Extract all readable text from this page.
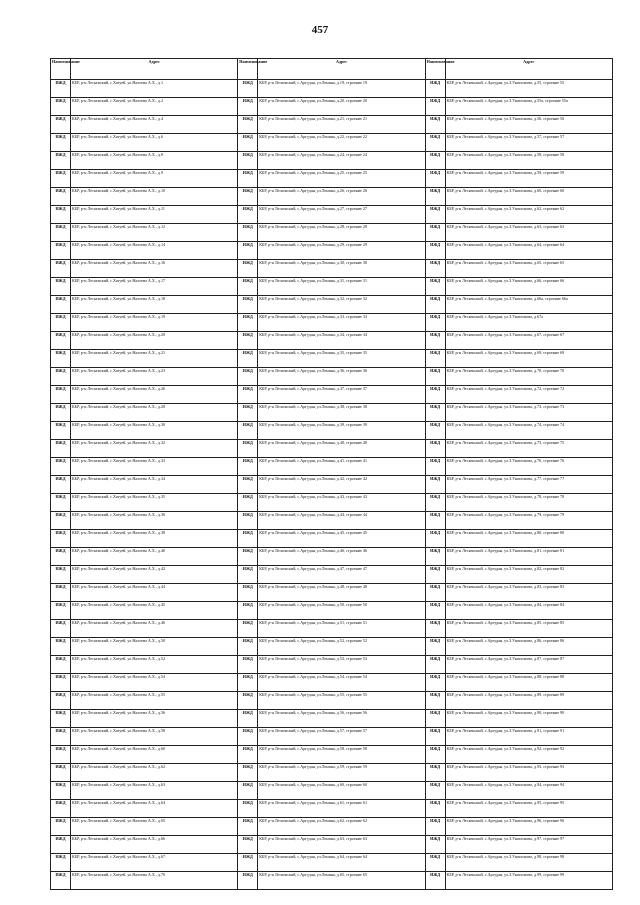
457
Наименование	Адрес	Наименование	Адрес	Наименование	Адрес
ИЖД	КБР, р-н Лескенский, с.Хатуей, ул.Налоева А.Х., д.1	ИЖД	КБР, р-н Лескенский, с.Аргудан, ул.Ленина, д.19, строение 19	ИЖД	КБР, р-н Лескенский, с.Аргудан, ул.З.Унатлокова, д.55, строение 55
ИЖД	КБР, р-н Лескенский, с.Хатуей, ул.Налоева А.Х., д.2	ИЖД	КБР, р-н Лескенский, с.Аргудан, ул.Ленина, д.20, строение 20	ИЖД	КБР, р-н Лескенский, с.Аргудан, ул.З.Унатлокова, д.55а, строение 55а
ИЖД	КБР, р-н Лескенский, с.Хатуей, ул.Налоева А.Х., д.4	ИЖД	КБР, р-н Лескенский, с.Аргудан, ул.Ленина, д.21, строение 21	ИЖД	КБР, р-н Лескенский, с.Аргудан, ул.З.Унатлокова, д.56, строение 56
ИЖД	КБР, р-н Лескенский, с.Хатуей, ул.Налоева А.Х., д.6	ИЖД	КБР, р-н Лескенский, с.Аргудан, ул.Ленина, д.22, строение 22	ИЖД	КБР, р-н Лескенский, с.Аргудан, ул.З.Унатлокова, д.57, строение 57
ИЖД	КБР, р-н Лескенский, с.Хатуей, ул.Налоева А.Х., д.8	ИЖД	КБР, р-н Лескенский, с.Аргудан, ул.Ленина, д.24, строение 24	ИЖД	КБР, р-н Лескенский, с.Аргудан, ул.З.Унатлокова, д.58, строение 58
ИЖД	КБР, р-н Лескенский, с.Хатуей, ул.Налоева А.Х., д.9	ИЖД	КБР, р-н Лескенский, с.Аргудан, ул.Ленина, д.25, строение 25	ИЖД	КБР, р-н Лескенский, с.Аргудан, ул.З.Унатлокова, д.59, строение 59
ИЖД	КБР, р-н Лескенский, с.Хатуей, ул.Налоева А.Х., д.10	ИЖД	КБР, р-н Лескенский, с.Аргудан, ул.Ленина, д.26, строение 26	ИЖД	КБР, р-н Лескенский, с.Аргудан, ул.З.Унатлокова, д.60, строение 60
ИЖД	КБР, р-н Лескенский, с.Хатуей, ул.Налоева А.Х., д.11	ИЖД	КБР, р-н Лескенский, с.Аргудан, ул.Ленина, д.27, строение 27	ИЖД	КБР, р-н Лескенский, с.Аргудан, ул.З.Унатлокова, д.62, строение 62
ИЖД	КБР, р-н Лескенский, с.Хатуей, ул.Налоева А.Х., д.12	ИЖД	КБР, р-н Лескенский, с.Аргудан, ул.Ленина, д.28, строение 28	ИЖД	КБР, р-н Лескенский, с.Аргудан, ул.З.Унатлокова, д.63, строение 63
ИЖД	КБР, р-н Лескенский, с.Хатуей, ул.Налоева А.Х., д.14	ИЖД	КБР, р-н Лескенский, с.Аргудан, ул.Ленина, д.29, строение 29	ИЖД	КБР, р-н Лескенский, с.Аргудан, ул.З.Унатлокова, д.64, строение 64
ИЖД	КБР, р-н Лескенский, с.Хатуей, ул.Налоева А.Х., д.16	ИЖД	КБР, р-н Лескенский, с.Аргудан, ул.Ленина, д.30, строение 30	ИЖД	КБР, р-н Лескенский, с.Аргудан, ул.З.Унатлокова, д.65, строение 65
ИЖД	КБР, р-н Лескенский, с.Хатуей, ул.Налоева А.Х., д.17	ИЖД	КБР, р-н Лескенский, с.Аргудан, ул.Ленина, д.31, строение 31	ИЖД	КБР, р-н Лескенский, с.Аргудан, ул.З.Унатлокова, д.66, строение 66
ИЖД	КБР, р-н Лескенский, с.Хатуей, ул.Налоева А.Х., д.18	ИЖД	КБР, р-н Лескенский, с.Аргудан, ул.Ленина, д.32, строение 32	ИЖД	КБР, р-н Лескенский, с.Аргудан, ул.З.Унатлокова, д.66а, строение 66а
ИЖД	КБР, р-н Лескенский, с.Хатуей, ул.Налоева А.Х., д.19	ИЖД	КБР, р-н Лескенский, с.Аргудан, ул.Ленина, д.33, строение 33	ИЖД	КБР, р-н Лескенский, с.Аргудан, ул.З.Унатлокова, д.67а
ИЖД	КБР, р-н Лескенский, с.Хатуей, ул.Налоева А.Х., д.20	ИЖД	КБР, р-н Лескенский, с.Аргудан, ул.Ленина, д.34, строение 34	ИЖД	КБР, р-н Лескенский, с.Аргудан, ул.З.Унатлокова, д.67, строение 67
ИЖД	КБР, р-н Лескенский, с.Хатуей, ул.Налоева А.Х., д.21	ИЖД	КБР, р-н Лескенский, с.Аргудан, ул.Ленина, д.35, строение 35	ИЖД	КБР, р-н Лескенский, с.Аргудан, ул.З.Унатлокова, д.69, строение 69
ИЖД	КБР, р-н Лескенский, с.Хатуей, ул.Налоева А.Х., д.23	ИЖД	КБР, р-н Лескенский, с.Аргудан, ул.Ленина, д.36, строение 36	ИЖД	КБР, р-н Лескенский, с.Аргудан, ул.З.Унатлокова, д.70, строение 70
ИЖД	КБР, р-н Лескенский, с.Хатуей, ул.Налоева А.Х., д.26	ИЖД	КБР, р-н Лескенский, с.Аргудан, ул.Ленина, д.37, строение 37	ИЖД	КБР, р-н Лескенский, с.Аргудан, ул.З.Унатлокова, д.72, строение 72
ИЖД	КБР, р-н Лескенский, с.Хатуей, ул.Налоева А.Х., д.28	ИЖД	КБР, р-н Лескенский, с.Аргудан, ул.Ленина, д.38, строение 38	ИЖД	КБР, р-н Лескенский, с.Аргудан, ул.З.Унатлокова, д.73, строение 73
ИЖД	КБР, р-н Лескенский, с.Хатуей, ул.Налоева А.Х., д.30	ИЖД	КБР, р-н Лескенский, с.Аргудан, ул.Ленина, д.39, строение 39	ИЖД	КБР, р-н Лескенский, с.Аргудан, ул.З.Унатлокова, д.74, строение 74
ИЖД	КБР, р-н Лескенский, с.Хатуей, ул.Налоева А.Х., д.32	ИЖД	КБР, р-н Лескенский, с.Аргудан, ул.Ленина, д.40, строение 40	ИЖД	КБР, р-н Лескенский, с.Аргудан, ул.З.Унатлокова, д.75, строение 75
ИЖД	КБР, р-н Лескенский, с.Хатуей, ул.Налоева А.Х., д.33	ИЖД	КБР, р-н Лескенский, с.Аргудан, ул.Ленина, д.41, строение 41	ИЖД	КБР, р-н Лескенский, с.Аргудан, ул.З.Унатлокова, д.76, строение 76
ИЖД	КБР, р-н Лескенский, с.Хатуей, ул.Налоева А.Х., д.34	ИЖД	КБР, р-н Лескенский, с.Аргудан, ул.Ленина, д.42, строение 42	ИЖД	КБР, р-н Лескенский, с.Аргудан, ул.З.Унатлокова, д.77, строение 77
ИЖД	КБР, р-н Лескенский, с.Хатуей, ул.Налоева А.Х., д.35	ИЖД	КБР, р-н Лескенский, с.Аргудан, ул.Ленина, д.43, строение 43	ИЖД	КБР, р-н Лескенский, с.Аргудан, ул.З.Унатлокова, д.78, строение 78
ИЖД	КБР, р-н Лескенский, с.Хатуей, ул.Налоева А.Х., д.36	ИЖД	КБР, р-н Лескенский, с.Аргудан, ул.Ленина, д.44, строение 44	ИЖД	КБР, р-н Лескенский, с.Аргудан, ул.З.Унатлокова, д.79, строение 79
ИЖД	КБР, р-н Лескенский, с.Хатуей, ул.Налоева А.Х., д.38	ИЖД	КБР, р-н Лескенский, с.Аргудан, ул.Ленина, д.45, строение 45	ИЖД	КБР, р-н Лескенский, с.Аргудан, ул.З.Унатлокова, д.80, строение 80
ИЖД	КБР, р-н Лескенский, с.Хатуей, ул.Налоева А.Х., д.40	ИЖД	КБР, р-н Лескенский, с.Аргудан, ул.Ленина, д.46, строение 46	ИЖД	КБР, р-н Лескенский, с.Аргудан, ул.З.Унатлокова, д.81, строение 81
ИЖД	КБР, р-н Лескенский, с.Хатуей, ул.Налоева А.Х., д.42	ИЖД	КБР, р-н Лескенский, с.Аргудан, ул.Ленина, д.47, строение 47	ИЖД	КБР, р-н Лескенский, с.Аргудан, ул.З.Унатлокова, д.82, строение 82
ИЖД	КБР, р-н Лескенский, с.Хатуей, ул.Налоева А.Х., д.44	ИЖД	КБР, р-н Лескенский, с.Аргудан, ул.Ленина, д.48, строение 48	ИЖД	КБР, р-н Лескенский, с.Аргудан, ул.З.Унатлокова, д.83, строение 83
ИЖД	КБР, р-н Лескенский, с.Хатуей, ул.Налоева А.Х., д.45	ИЖД	КБР, р-н Лескенский, с.Аргудан, ул.Ленина, д.50, строение 50	ИЖД	КБР, р-н Лескенский, с.Аргудан, ул.З.Унатлокова, д.84, строение 84
ИЖД	КБР, р-н Лескенский, с.Хатуей, ул.Налоева А.Х., д.46	ИЖД	КБР, р-н Лескенский, с.Аргудан, ул.Ленина, д.51, строение 51	ИЖД	КБР, р-н Лескенский, с.Аргудан, ул.З.Унатлокова, д.85, строение 85
ИЖД	КБР, р-н Лескенский, с.Хатуей, ул.Налоева А.Х., д.50	ИЖД	КБР, р-н Лескенский, с.Аргудан, ул.Ленина, д.52, строение 52	ИЖД	КБР, р-н Лескенский, с.Аргудан, ул.З.Унатлокова, д.86, строение 86
ИЖД	КБР, р-н Лескенский, с.Хатуей, ул.Налоева А.Х., д.52	ИЖД	КБР, р-н Лескенский, с.Аргудан, ул.Ленина, д.53, строение 53	ИЖД	КБР, р-н Лескенский, с.Аргудан, ул.З.Унатлокова, д.87, строение 87
ИЖД	КБР, р-н Лескенский, с.Хатуей, ул.Налоева А.Х., д.54	ИЖД	КБР, р-н Лескенский, с.Аргудан, ул.Ленина, д.54, строение 54	ИЖД	КБР, р-н Лескенский, с.Аргудан, ул.З.Унатлокова, д.88, строение 88
ИЖД	КБР, р-н Лескенский, с.Хатуей, ул.Налоева А.Х., д.55	ИЖД	КБР, р-н Лескенский, с.Аргудан, ул.Ленина, д.55, строение 55	ИЖД	КБР, р-н Лескенский, с.Аргудан, ул.З.Унатлокова, д.89, строение 89
ИЖД	КБР, р-н Лескенский, с.Хатуей, ул.Налоева А.Х., д.56	ИЖД	КБР, р-н Лескенский, с.Аргудан, ул.Ленина, д.56, строение 56	ИЖД	КБР, р-н Лескенский, с.Аргудан, ул.З.Унатлокова, д.90, строение 90
ИЖД	КБР, р-н Лескенский, с.Хатуей, ул.Налоева А.Х., д.58	ИЖД	КБР, р-н Лескенский, с.Аргудан, ул.Ленина, д.57, строение 57	ИЖД	КБР, р-н Лескенский, с.Аргудан, ул.З.Унатлокова, д.91, строение 91
ИЖД	КБР, р-н Лескенский, с.Хатуей, ул.Налоева А.Х., д.60	ИЖД	КБР, р-н Лескенский, с.Аргудан, ул.Ленина, д.58, строение 58	ИЖД	КБР, р-н Лескенский, с.Аргудан, ул.З.Унатлокова, д.92, строение 92
ИЖД	КБР, р-н Лескенский, с.Хатуей, ул.Налоева А.Х., д.62	ИЖД	КБР, р-н Лескенский, с.Аргудан, ул.Ленина, д.59, строение 59	ИЖД	КБР, р-н Лескенский, с.Аргудан, ул.З.Унатлокова, д.93, строение 93
ИЖД	КБР, р-н Лескенский, с.Хатуей, ул.Налоева А.Х., д.63	ИЖД	КБР, р-н Лескенский, с.Аргудан, ул.Ленина, д.60, строение 60	ИЖД	КБР, р-н Лескенский, с.Аргудан, ул.З.Унатлокова, д.94, строение 94
ИЖД	КБР, р-н Лескенский, с.Хатуей, ул.Налоева А.Х., д.64	ИЖД	КБР, р-н Лескенский, с.Аргудан, ул.Ленина, д.61, строение 61	ИЖД	КБР, р-н Лескенский, с.Аргудан, ул.З.Унатлокова, д.95, строение 95
ИЖД	КБР, р-н Лескенский, с.Хатуей, ул.Налоева А.Х., д.65	ИЖД	КБР, р-н Лескенский, с.Аргудан, ул.Ленина, д.62, строение 62	ИЖД	КБР, р-н Лескенский, с.Аргудан, ул.З.Унатлокова, д.96, строение 96
ИЖД	КБР, р-н Лескенский, с.Хатуей, ул.Налоева А.Х., д.66	ИЖД	КБР, р-н Лескенский, с.Аргудан, ул.Ленина, д.63, строение 63	ИЖД	КБР, р-н Лескенский, с.Аргудан, ул.З.Унатлокова, д.97, строение 97
ИЖД	КБР, р-н Лескенский, с.Хатуей, ул.Налоева А.Х., д.67	ИЖД	КБР, р-н Лескенский, с.Аргудан, ул.Ленина, д.64, строение 64	ИЖД	КБР, р-н Лескенский, с.Аргудан, ул.З.Унатлокова, д.98, строение 98
ИЖД	КБР, р-н Лескенский, с.Хатуей, ул.Налоева А.Х., д.70	ИЖД	КБР, р-н Лескенский, с.Аргудан, ул.Ленина, д.65, строение 65	ИЖД	КБР, р-н Лескенский, с.Аргудан, ул.З.Унатлокова, д.99, строение 99
